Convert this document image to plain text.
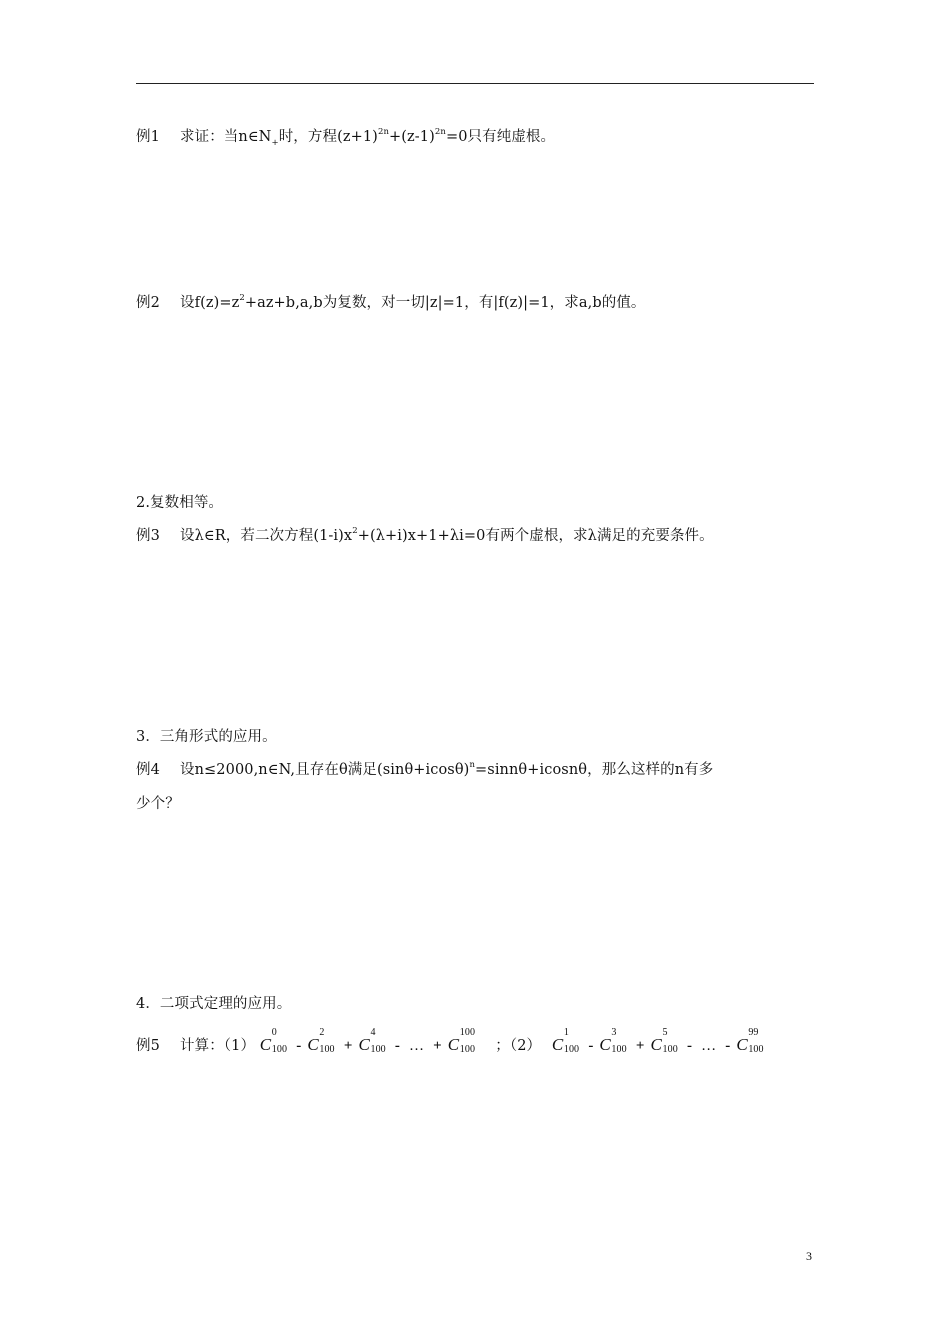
例1 求证：当$n\in N_+$时，方程$(z+1)^{2n}+(z-1)^{2n}=0$只有纯虚根。
例2 设$f(z)=z^2+az+b,a,b$为复数，对一切|z|=1，有|f(z)|=1，求a,b的值。
2.复数相等。
例3 设λ∈R，若二次方程$(1-i)x^2+(\lambda+i)x+1+\lambda i=0$有两个虚根，求λ满足的充要条件。
3．三角形式的应用。
例4 设n≤2000,n∈N,且存在θ满足$(\sin\theta+icos\theta)^n=\sin n\theta+icosn\theta$，那么这样的n有多
少个？
4．二项式定理的应用。
例5 计算：（1） C
0
100 - C
2
100 + C
4
100 - … + C
100
100 ；（2） C
1
100 - C
3
100 + C
5
100 - … - C
99
100
3
